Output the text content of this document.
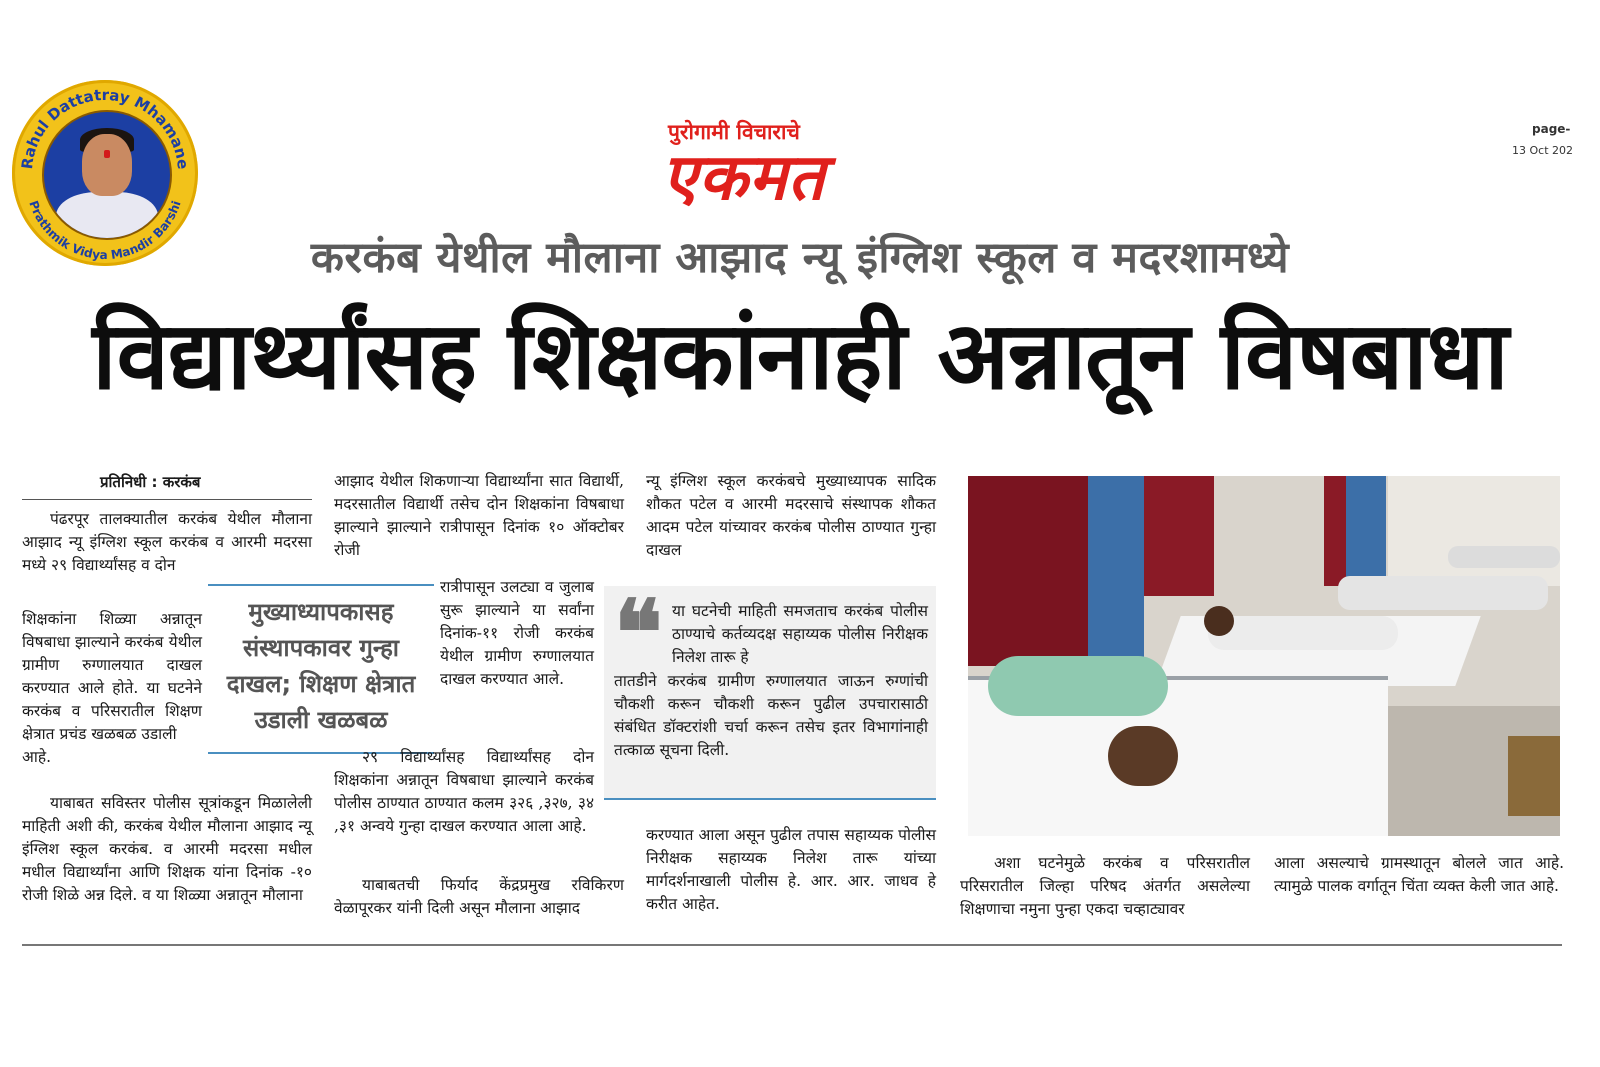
Rahul Dattatray Mhamane
Prathmik Vidya Mandir Barshi
पुरोगामी विचाराचे
एकमत
page-
13 Oct 202
करकंब येथील मौलाना आझाद न्यू इंग्लिश स्कूल व मदरशामध्ये
विद्यार्थ्यांसह शिक्षकांनाही अन्नातून विषबाधा
प्रतिनिधी : करकंब

पंढरपूर तालक्यातील करकंब येथील मौलाना आझाद न्यू इंग्लिश स्कूल करकंब व आरमी मदरसा मध्ये २९ विद्यार्थ्यांसह व दोन

शिक्षकांना शिळ्या अन्नातून विषबाधा झाल्याने करकंब येथील ग्रामीण रुग्णालयात दाखल करण्यात आले होते. या घटनेने करकंब व परिसरातील शिक्षण क्षेत्रात प्रचंड खळबळ उडाली

आहे.

याबाबत सविस्तर पोलीस सूत्रांकडून मिळालेली माहिती अशी की, करकंब येथील मौलाना आझाद न्यू इंग्लिश स्कूल करकंब. व आरमी मदरसा मधील मधील विद्यार्थ्यांना आणि शिक्षक यांना दिनांक -१० रोजी शिळे अन्न दिले. व या शिळ्या अन्नातून मौलाना

मुख्याध्यापकासह संस्थापकावर गुन्हा दाखल; शिक्षण क्षेत्रात उडाली खळबळ

आझाद येथील शिकणाऱ्या विद्यार्थ्यांना सात विद्यार्थी, मदरसातील विद्यार्थी तसेच दोन शिक्षकांना विषबाधा झाल्याने झाल्याने रात्रीपासून दिनांक १० ऑक्टोबर रोजी

रात्रीपासून उलट्या व जुलाब सुरू झाल्याने या सर्वांना दिनांक-११ रोजी करकंब येथील ग्रामीण रुग्णालयात दाखल करण्यात आले.

२९ विद्यार्थ्यांसह विद्यार्थ्यांसह दोन शिक्षकांना अन्नातून विषबाधा झाल्याने करकंब पोलीस ठाण्यात ठाण्यात कलम ३२६ ,३२७, ३४ ,३१ अन्वये गुन्हा दाखल करण्यात आला आहे.

याबाबतची फिर्याद केंद्रप्रमुख रविकिरण वेळापूरकर यांनी दिली असून मौलाना आझाद

न्यू इंग्लिश स्कूल करकंबचे मुख्याध्यापक सादिक शौकत पटेल व आरमी मदरसाचे संस्थापक शौकत आदम पटेल यांच्यावर करकंब पोलीस ठाण्यात गुन्हा दाखल

❝ या घटनेची माहिती समजताच करकंब पोलीस ठाण्याचे कर्तव्यदक्ष सहाय्यक पोलीस निरीक्षक निलेश तारू हे

तातडीने करकंब ग्रामीण रुग्णालयात जाऊन रुग्णांची चौकशी करून चौकशी करून पुढील उपचारासाठी संबंधित डॉक्टरांशी चर्चा करून तसेच इतर विभागांनाही तत्काळ सूचना दिली.

करण्यात आला असून पुढील तपास सहाय्यक पोलीस निरीक्षक सहाय्यक निलेश तारू यांच्या मार्गदर्शनाखाली पोलीस हे. आर. आर. जाधव हे करीत आहेत.

अशा घटनेमुळे करकंब व परिसरातील परिसरातील जिल्हा परिषद अंतर्गत असलेल्या शिक्षणाचा नमुना पुन्हा एकदा चव्हाट्यावर

आला असल्याचे ग्रामस्थातून बोलले जात आहे. त्यामुळे पालक वर्गातून चिंता व्यक्त केली जात आहे.
